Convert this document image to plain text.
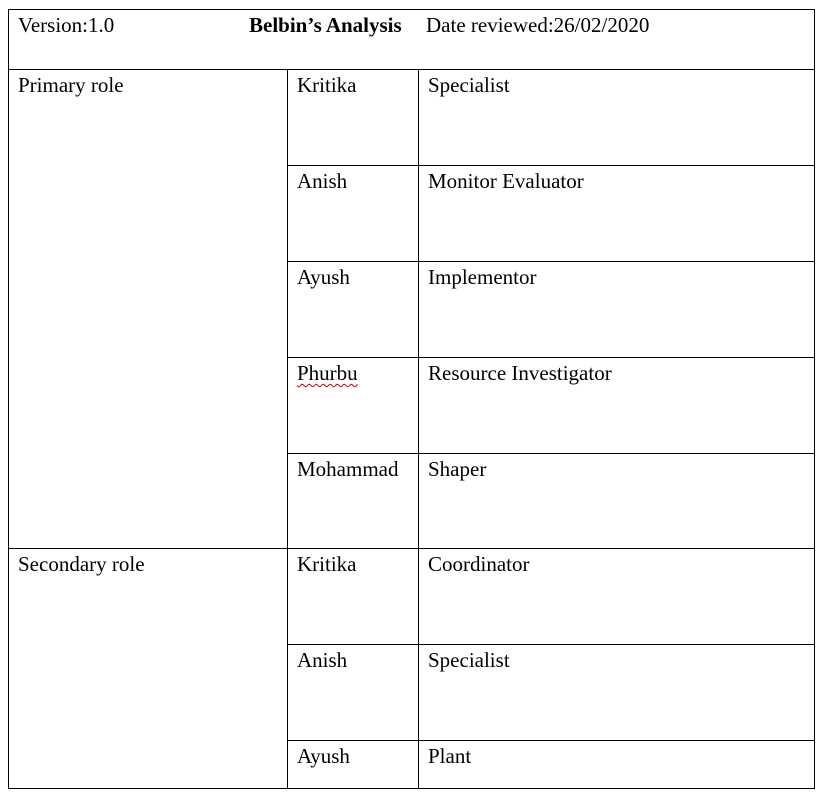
Version:1.0	Belbin’s Analysis Date reviewed:26/02/2020
Primary role	Kritika	Specialist
Anish	Monitor Evaluator
Ayush	Implementor
Phurbu	Resource Investigator
Mohammad Shaper
Secondary role	Kritika	Coordinator
Anish	Specialist
Ayush	Plant
